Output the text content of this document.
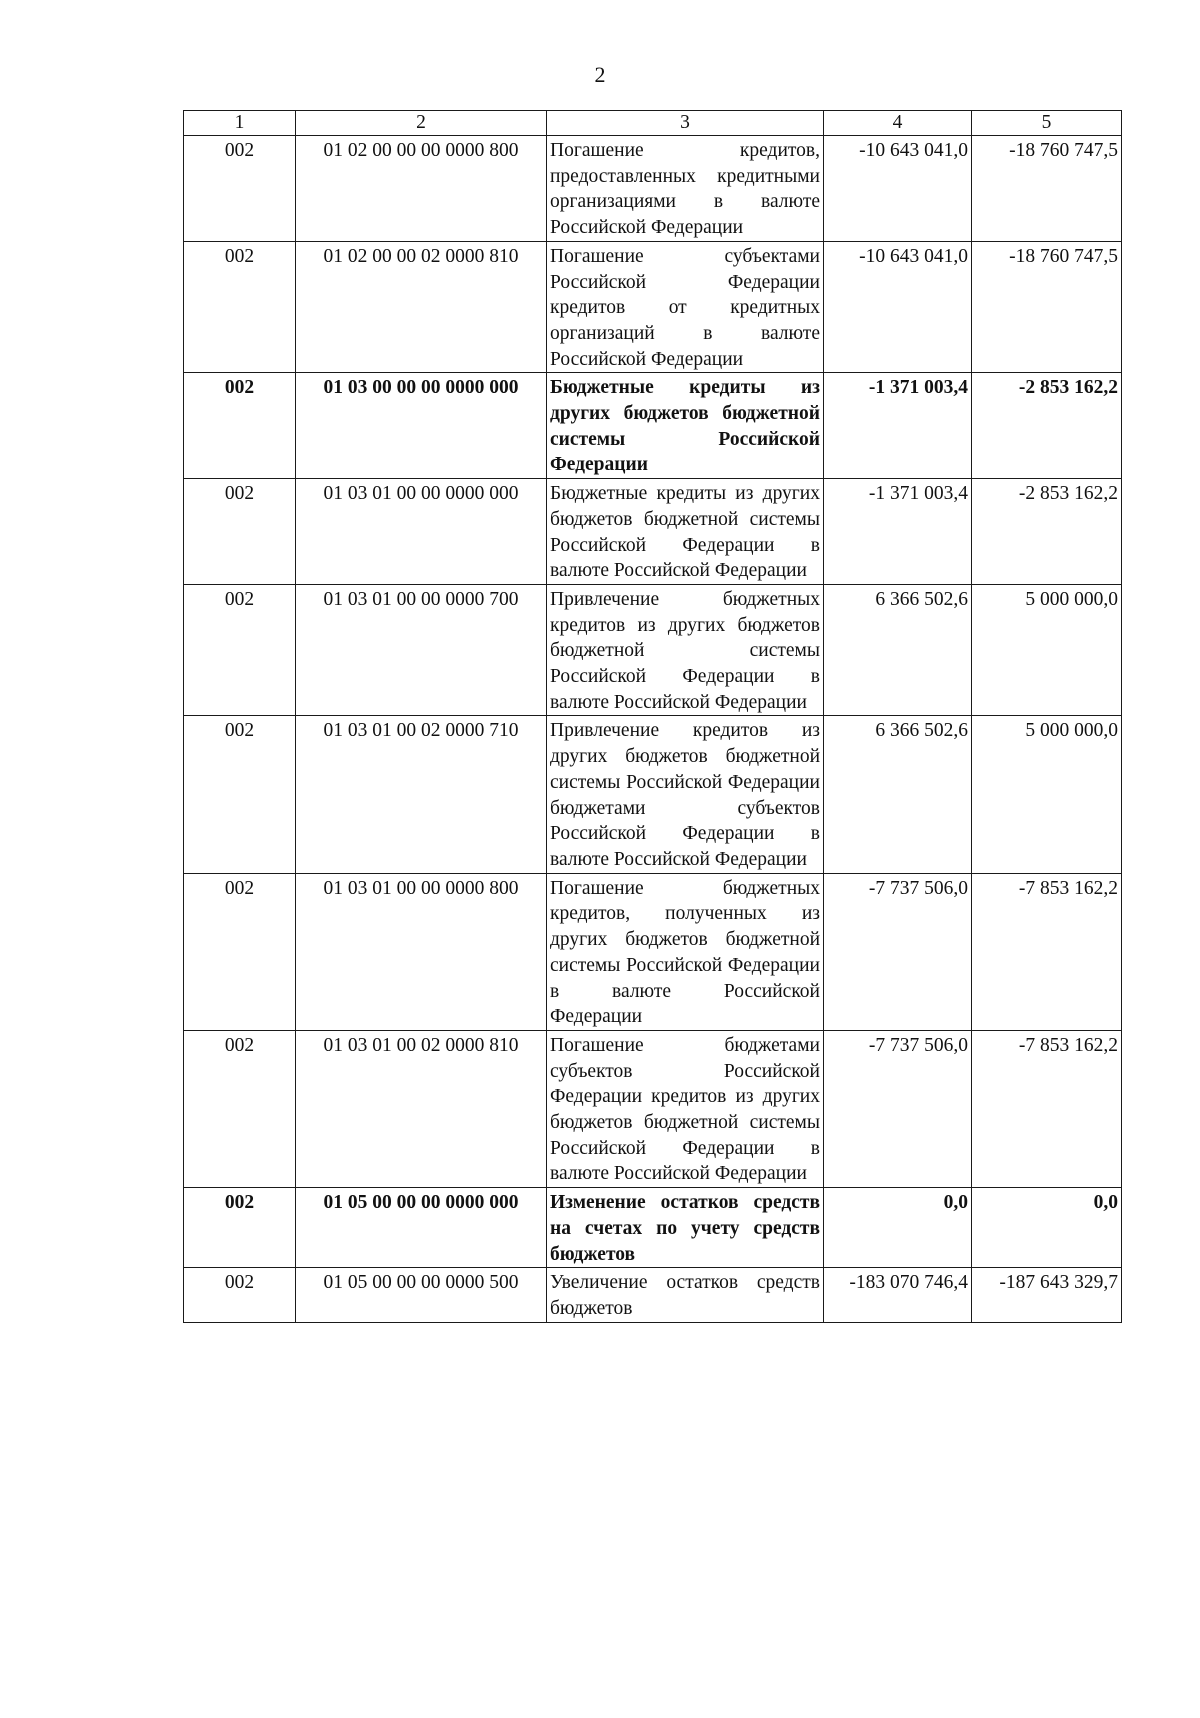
2
1	2	3	4	5
002	01 02 00 00 00 0000 800	Погашение кредитов, предоставленных кредитными организациями в валюте Российской Федерации	-10 643 041,0	-18 760 747,5
002	01 02 00 00 02 0000 810	Погашение субъектами Российской Федерации кредитов от кредитных организаций в валюте Российской Федерации	-10 643 041,0	-18 760 747,5
002	01 03 00 00 00 0000 000	Бюджетные кредиты из других бюджетов бюджетной системы Российской Федерации	-1 371 003,4	-2 853 162,2
002	01 03 01 00 00 0000 000	Бюджетные кредиты из других бюджетов бюджетной системы Российской Федерации в валюте Российской Федерации	-1 371 003,4	-2 853 162,2
002	01 03 01 00 00 0000 700	Привлечение бюджетных кредитов из других бюджетов бюджетной системы Российской Федерации в валюте Российской Федерации	6 366 502,6	5 000 000,0
002	01 03 01 00 02 0000 710	Привлечение кредитов из других бюджетов бюджетной системы Российской Федерации бюджетами субъектов Российской Федерации в валюте Российской Федерации	6 366 502,6	5 000 000,0
002	01 03 01 00 00 0000 800	Погашение бюджетных кредитов, полученных из других бюджетов бюджетной системы Российской Федерации в валюте Российской Федерации	-7 737 506,0	-7 853 162,2
002	01 03 01 00 02 0000 810	Погашение бюджетами субъектов Российской Федерации кредитов из других бюджетов бюджетной системы Российской Федерации в валюте Российской Федерации	-7 737 506,0	-7 853 162,2
002	01 05 00 00 00 0000 000	Изменение остатков средств на счетах по учету средств бюджетов	0,0	0,0
002	01 05 00 00 00 0000 500	Увеличение остатков средств бюджетов	-183 070 746,4	-187 643 329,7
